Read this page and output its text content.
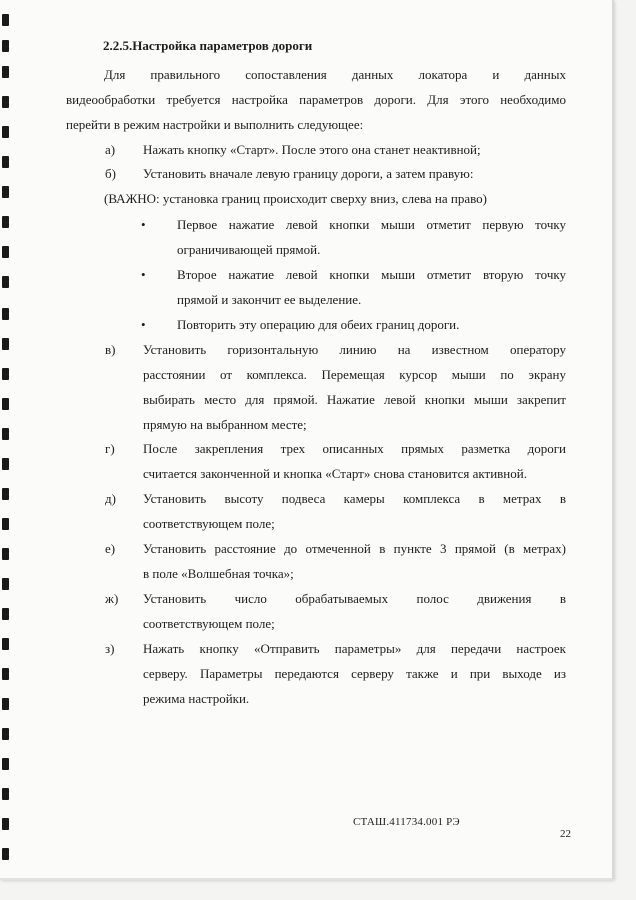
2.2.5.Настройка параметров дороги
Для правильного сопоставления данных локатора и данных
видеообработки требуется настройка параметров дороги. Для этого необходимо
перейти в режим настройки и выполнить следующее:
а) Нажать кнопку «Старт». После этого она станет неактивной;
б) Установить вначале левую границу дороги, а затем правую:
(ВАЖНО: установка границ происходит сверху вниз, слева на право)
• Первое нажатие левой кнопки мыши отметит первую точку
ограничивающей прямой.
• Второе нажатие левой кнопки мыши отметит вторую точку
прямой и закончит ее выделение.
• Повторить эту операцию для обеих границ дороги.
в) Установить горизонтальную линию на известном оператору
расстоянии от комплекса. Перемещая курсор мыши по экрану
выбирать место для прямой. Нажатие левой кнопки мыши закрепит
прямую на выбранном месте;
г) После закрепления трех описанных прямых разметка дороги
считается законченной и кнопка «Старт» снова становится активной.
д) Установить высоту подвеса камеры комплекса в метрах в
соответствующем поле;
е) Установить расстояние до отмеченной в пункте 3 прямой (в метрах)
в поле «Волшебная точка»;
ж) Установить число обрабатываемых полос движения в
соответствующем поле;
з) Нажать кнопку «Отправить параметры» для передачи настроек
серверу. Параметры передаются серверу также и при выходе из
режима настройки.
СТАШ.411734.001 РЭ
22
